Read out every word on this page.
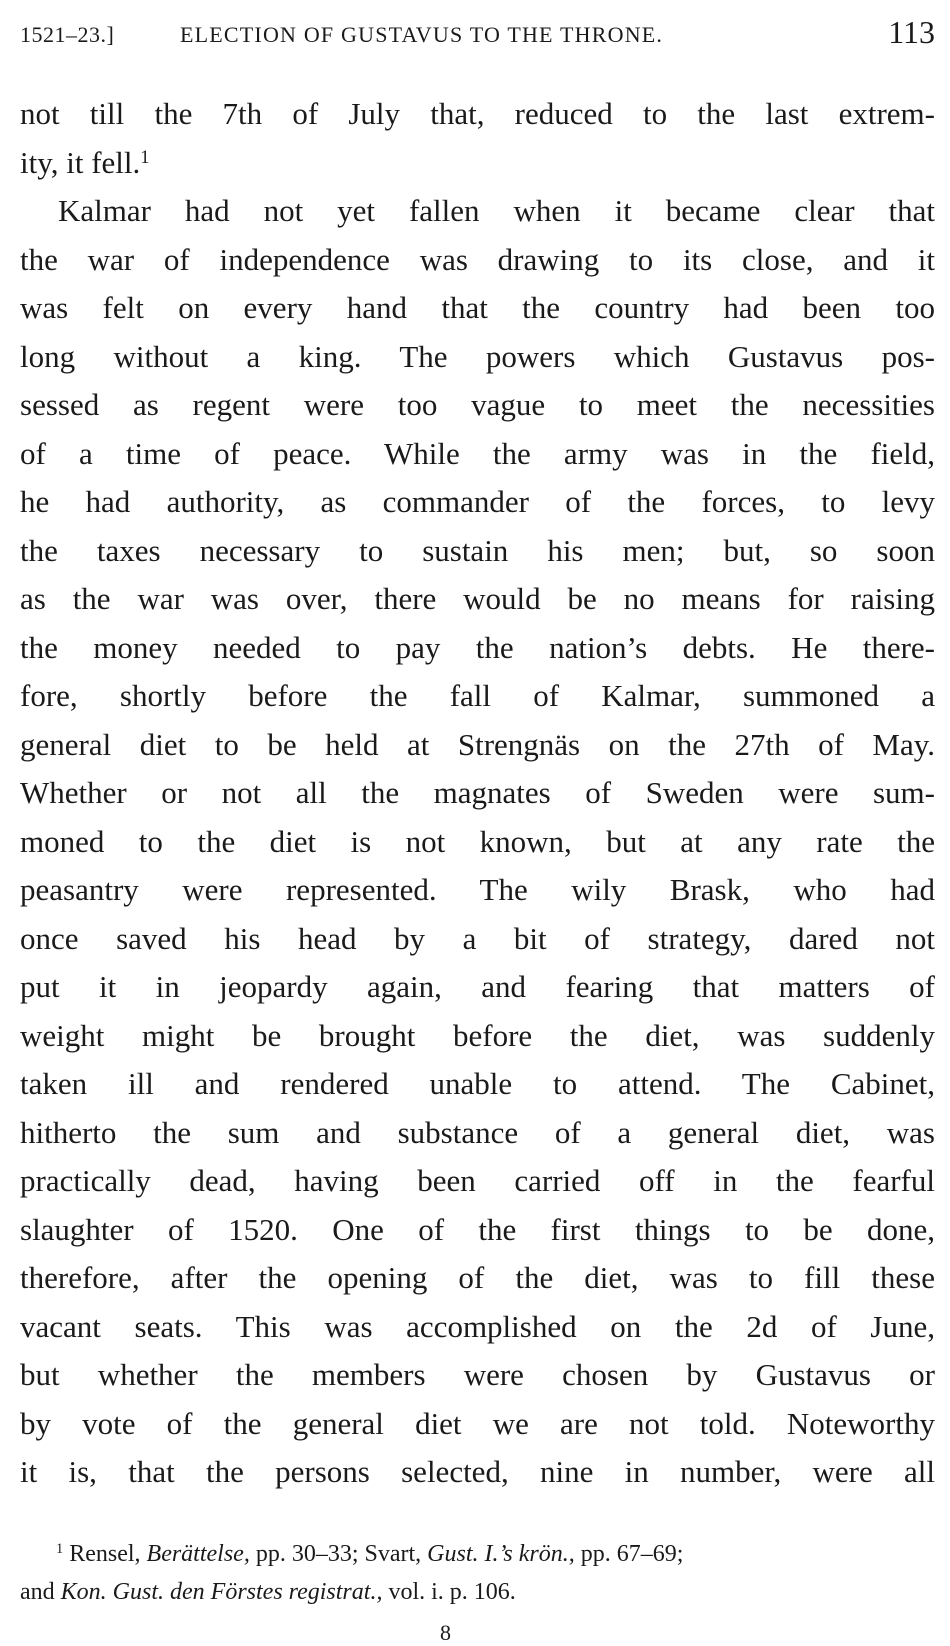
1521–23.]	ELECTION OF GUSTAVUS TO THE THRONE.	113
not till the 7th of July that, reduced to the last extrem-
ity, it fell.$^1$
Kalmar had not yet fallen when it became clear that
the war of independence was drawing to its close, and it
was felt on every hand that the country had been too
long without a king. The powers which Gustavus pos-
sessed as regent were too vague to meet the necessities
of a time of peace. While the army was in the field,
he had authority, as commander of the forces, to levy
the taxes necessary to sustain his men; but, so soon
as the war was over, there would be no means for raising
the money needed to pay the nation’s debts. He there-
fore, shortly before the fall of Kalmar, summoned a
general diet to be held at Strengnäs on the 27th of May.
Whether or not all the magnates of Sweden were sum-
moned to the diet is not known, but at any rate the
peasantry were represented. The wily Brask, who had
once saved his head by a bit of strategy, dared not
put it in jeopardy again, and fearing that matters of
weight might be brought before the diet, was suddenly
taken ill and rendered unable to attend. The Cabinet,
hitherto the sum and substance of a general diet, was
practically dead, having been carried off in the fearful
slaughter of 1520. One of the first things to be done,
therefore, after the opening of the diet, was to fill these
vacant seats. This was accomplished on the 2d of June,
but whether the members were chosen by Gustavus or
by vote of the general diet we are not told. Noteworthy
it is, that the persons selected, nine in number, were all
$^1$ Rensel, Berättelse, pp. 30–33; Svart, Gust. I.’s krön., pp. 67–69;
and Kon. Gust. den Förstes registrat., vol. i. p. 106.
8
